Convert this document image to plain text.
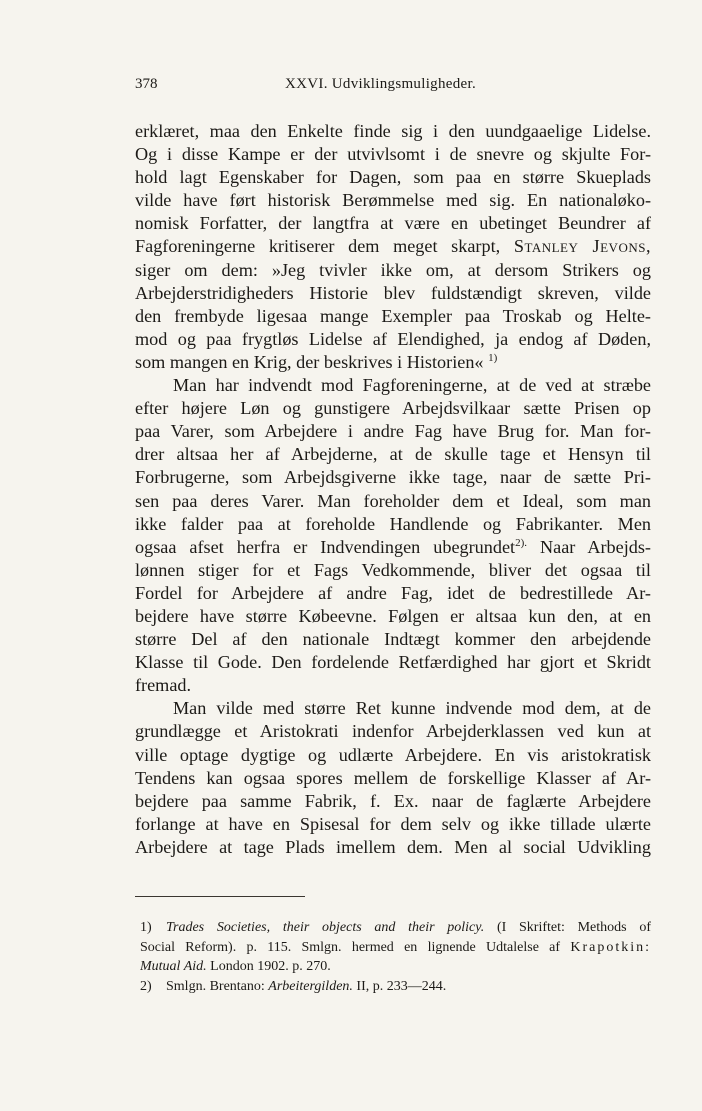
378	XXVI. Udviklingsmuligheder.
erklæret, maa den Enkelte finde sig i den uundgaaelige Lidelse.
Og i disse Kampe er der utvivlsomt i de snevre og skjulte For-
hold lagt Egenskaber for Dagen, som paa en større Skueplads
vilde have ført historisk Berømmelse med sig. En nationaløko-
nomisk Forfatter, der langtfra at være en ubetinget Beundrer af
Fagforeningerne kritiserer dem meget skarpt, Stanley Jevons,
siger om dem: »Jeg tvivler ikke om, at dersom Strikers og
Arbejderstridigheders Historie blev fuldstændigt skreven, vilde
den frembyde ligesaa mange Exempler paa Troskab og Helte-
mod og paa frygtløs Lidelse af Elendighed, ja endog af Døden,
som mangen en Krig, der beskrives i Historien« $^{1)}$
Man har indvendt mod Fagforeningerne, at de ved at stræbe
efter højere Løn og gunstigere Arbejdsvilkaar sætte Prisen op
paa Varer, som Arbejdere i andre Fag have Brug for. Man for-
drer altsaa her af Arbejderne, at de skulle tage et Hensyn til
Forbrugerne, som Arbejdsgiverne ikke tage, naar de sætte Pri-
sen paa deres Varer. Man foreholder dem et Ideal, som man
ikke falder paa at foreholde Handlende og Fabrikanter. Men
ogsaa afset herfra er Indvendingen ubegrundet$^{2).}$ Naar Arbejds-
lønnen stiger for et Fags Vedkommende, bliver det ogsaa til
Fordel for Arbejdere af andre Fag, idet de bedrestillede Ar-
bejdere have større Købeevne. Følgen er altsaa kun den, at en
større Del af den nationale Indtægt kommer den arbejdende
Klasse til Gode. Den fordelende Retfærdighed har gjort et Skridt
fremad.
Man vilde med større Ret kunne indvende mod dem, at de
grundlægge et Aristokrati indenfor Arbejderklassen ved kun at
ville optage dygtige og udlærte Arbejdere. En vis aristokratisk
Tendens kan ogsaa spores mellem de forskellige Klasser af Ar-
bejdere paa samme Fabrik, f. Ex. naar de faglærte Arbejdere
forlange at have en Spisesal for dem selv og ikke tillade ulærte
Arbejdere at tage Plads imellem dem. Men al social Udvikling
1) Trades Societies, their objects and their policy. (I Skriftet: Methods of
Social Reform). p. 115. Smlgn. hermed en lignende Udtalelse af Krapotkin:
Mutual Aid. London 1902. p. 270.
2) Smlgn. Brentano: Arbeitergilden. II, p. 233—244.
